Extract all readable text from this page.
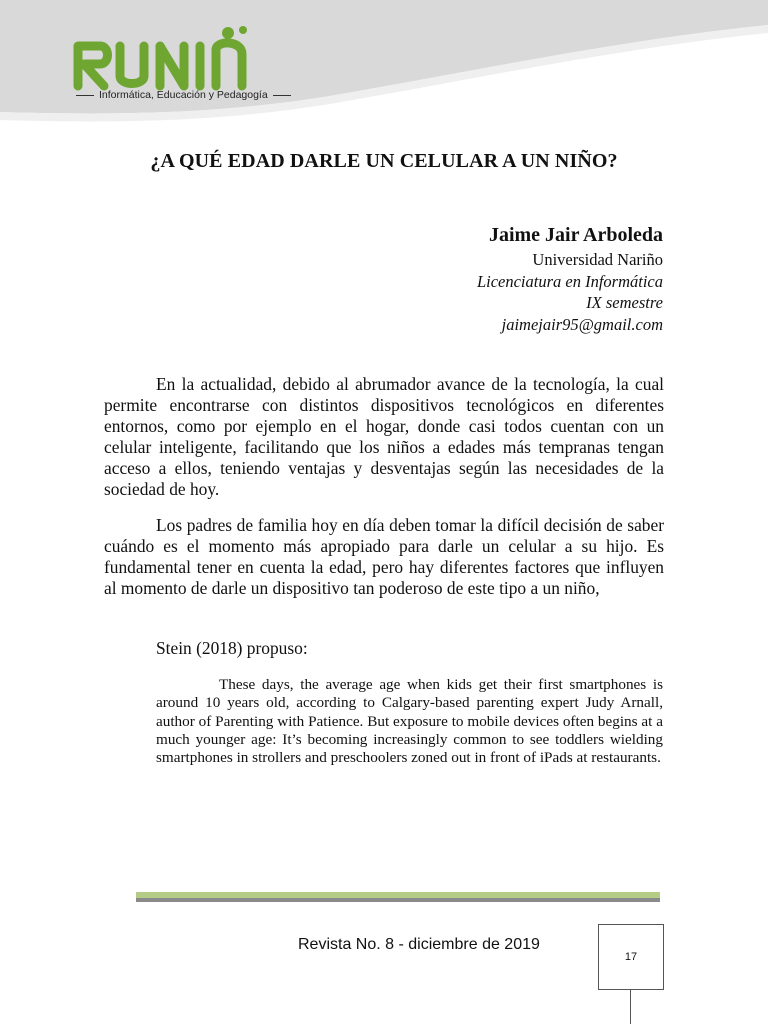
Informática, Educación y Pedagogía
¿A QUÉ EDAD DARLE UN CELULAR A UN NIÑO?
Jaime Jair Arboleda
Universidad Nariño
Licenciatura en Informática
IX semestre
jaimejair95@gmail.com

En la actualidad, debido al abrumador avance de la tecnología, la cual permite encontrarse con distintos dispositivos tecnológicos en diferentes entornos, como por ejemplo en el hogar, donde casi todos cuentan con un celular inteligente, facilitando que los niños a edades más tempranas tengan acceso a ellos, teniendo ventajas y desventajas según las necesidades de la sociedad de hoy.

Los padres de familia hoy en día deben tomar la difícil decisión de saber cuándo es el momento más apropiado para darle un celular a su hijo. Es fundamental tener en cuenta la edad, pero hay diferentes factores que influyen al momento de darle un dispositivo tan poderoso de este tipo a un niño,

Stein (2018) propuso:

These days, the average age when kids get their first smartphones is around 10 years old, according to Calgary-based parenting expert Judy Arnall, author of Parenting with Patience. But exposure to mobile devices often begins at a much younger age: It’s becoming increasingly common to see toddlers wielding smartphones in strollers and preschoolers zoned out in front of iPads at restaurants.

Revista No. 8 - diciembre de 2019
17
